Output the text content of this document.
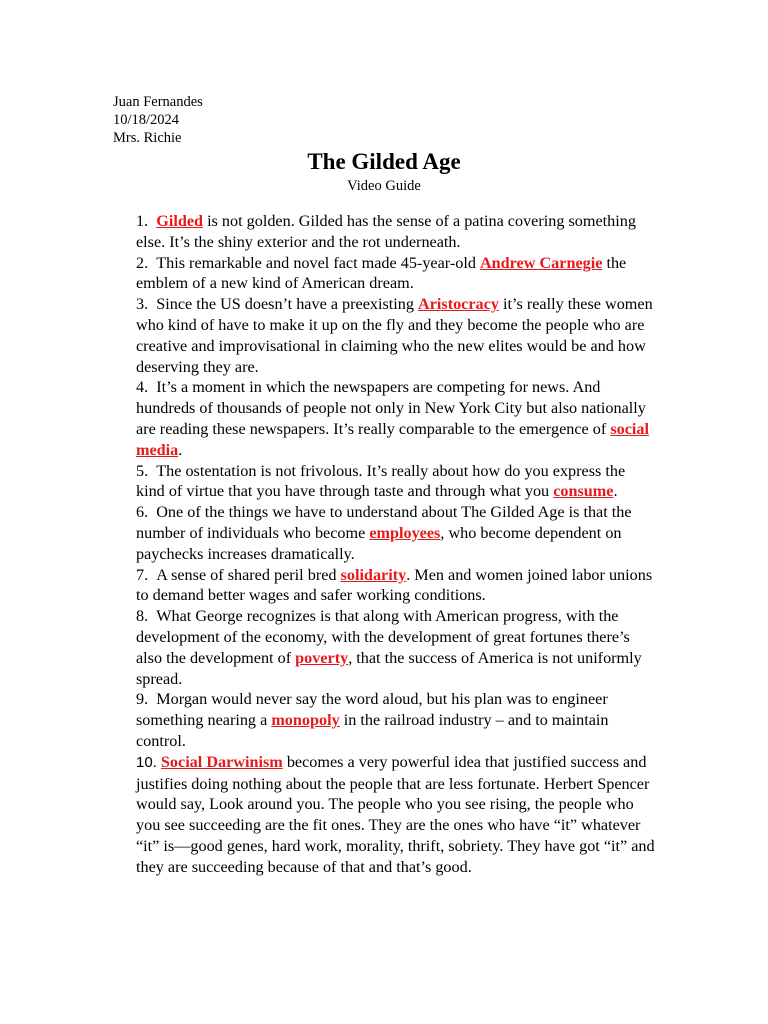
Juan Fernandes
10/18/2024
Mrs. Richie
The Gilded Age
Video Guide
1. Gilded is not golden. Gilded has the sense of a patina covering something else. It’s the shiny exterior and the rot underneath.
2. This remarkable and novel fact made 45-year-old Andrew Carnegie the emblem of a new kind of American dream.
3. Since the US doesn’t have a preexisting Aristocracy it’s really these women who kind of have to make it up on the fly and they become the people who are creative and improvisational in claiming who the new elites would be and how deserving they are.
4. It’s a moment in which the newspapers are competing for news. And hundreds of thousands of people not only in New York City but also nationally are reading these newspapers. It’s really comparable to the emergence of social media.
5. The ostentation is not frivolous. It’s really about how do you express the kind of virtue that you have through taste and through what you consume.
6. One of the things we have to understand about The Gilded Age is that the number of individuals who become employees, who become dependent on paychecks increases dramatically.
7. A sense of shared peril bred solidarity. Men and women joined labor unions to demand better wages and safer working conditions.
8. What George recognizes is that along with American progress, with the development of the economy, with the development of great fortunes there’s also the development of poverty, that the success of America is not uniformly spread.
9. Morgan would never say the word aloud, but his plan was to engineer something nearing a monopoly in the railroad industry – and to maintain control.
10. Social Darwinism becomes a very powerful idea that justified success and justifies doing nothing about the people that are less fortunate. Herbert Spencer would say, Look around you. The people who you see rising, the people who you see succeeding are the fit ones. They are the ones who have “it” whatever “it” is—good genes, hard work, morality, thrift, sobriety. They have got “it” and they are succeeding because of that and that’s good.
